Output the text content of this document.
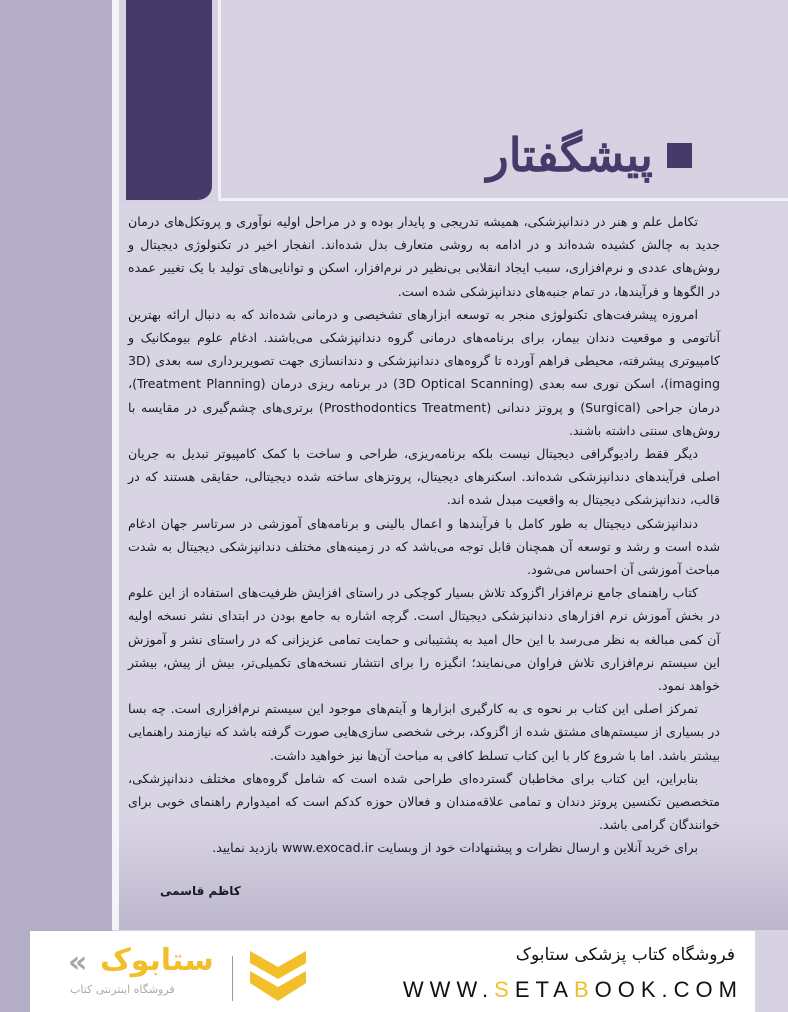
پیشگفتار

تکامل علم و هنر در دندانپزشکی، همیشه تدریجی و پایدار بوده و در مراحل اولیه نوآوری و پروتکل‌های درمان جدید به چالش کشیده شده‌اند و در ادامه به روشی متعارف بدل شده‌اند. انفجار اخیر در تکنولوژی دیجیتال و روش‌های عددی و نرم‌افزاری، سبب ایجاد انقلابی بی‌نظیر در نرم‌افزار، اسکن و توانایی‌های تولید با یک تغییر عمده در الگوها و فرآیندها، در تمام جنبه‌های دندانپزشکی شده است.

امروزه پیشرفت‌های تکنولوژی منجر به توسعه ابزارهای تشخیصی و درمانی شده‌اند که به دنبال ارائه بهترین آناتومی و موقعیت دندان بیمار، برای برنامه‌های درمانی گروه دندانپزشکی می‌باشند. ادغام علوم بیومکانیک و کامپیوتری پیشرفته، محیطی فراهم آورده تا گروه‌های دندانپزشکی و دندانسازی جهت تصویربرداری سه بعدی (3D imaging)، اسکن نوری سه بعدی (3D Optical Scanning) در برنامه ریزی درمان (Treatment Planning)، درمان جراحی (Surgical) و پروتز دندانی (Prosthodontics Treatment) برتری‌های چشم‌گیری در مقایسه با روش‌های سنتی داشته باشند.

دیگر فقط رادیوگرافی دیجیتال نیست بلکه برنامه‌ریزی، طراحی و ساخت با کمک کامپیوتر تبدیل به جریان اصلی فرآیندهای دندانپزشکی شده‌اند. اسکنرهای دیجیتال، پروتزهای ساخته شده دیجیتالی، حقایقی هستند که در قالب، دندانپزشکی دیجیتال به واقعیت مبدل شده اند.

دندانپزشکی دیجیتال به طور کامل با فرآیندها و اعمال بالینی و برنامه‌های آموزشی در سرتاسر جهان ادغام شده است و رشد و توسعه آن همچنان قابل توجه می‌باشد که در زمینه‌های مختلف دندانپزشکی دیجیتال به شدت مباحث آموزشی آن احساس می‌شود.

کتاب راهنمای جامع نرم‌افزار اگزوکد تلاش بسیار کوچکی در راستای افزایش ظرفیت‌های استفاده از این علوم در بخش آموزش نرم افزارهای دندانپزشکی دیجیتال است. گرچه اشاره به جامع بودن در ابتدای نشر نسخه اولیه آن کمی مبالغه به نظر می‌رسد با این حال امید به پشتیبانی و حمایت تمامی عزیزانی که در راستای نشر و آموزش این سیستم نرم‌افزاری تلاش فراوان می‌نمایند؛ انگیزه را برای انتشار نسخه‌های تکمیلی‌تر، بیش از پیش، بیشتر خواهد نمود.

تمرکز اصلی این کتاب بر نحوه ی به کارگیری ابزارها و آیتم‌های موجود این سیستم نرم‌افزاری است. چه بسا در بسیاری از سیستم‌های مشتق شده از اگزوکد، برخی شخصی سازی‌هایی صورت گرفته باشد که نیازمند راهنمایی بیشتر باشد. اما با شروع کار با این کتاب تسلط کافی به مباحث آن‌ها نیز خواهید داشت.

بنابراین، این کتاب برای مخاطبان گسترده‌ای طراحی شده است که شامل گروه‌های مختلف دندانپزشکی، متخصصین تکنسین پروتز دندان و تمامی علاقه‌مندان و فعالان حوزه کدکم است که امیدوارم راهنمای خوبی برای خوانندگان گرامی باشد.

برای خرید آنلاین و ارسال نظرات و پیشنهادات خود از وبسایت www.exocad.ir بازدید نمایید.

کاظم قاسمی
« ستابوک
فروشگاه اینترنتی کتاب
فروشگاه کتاب پزشکی ستابوک
WWW.SETABOOK.COM
